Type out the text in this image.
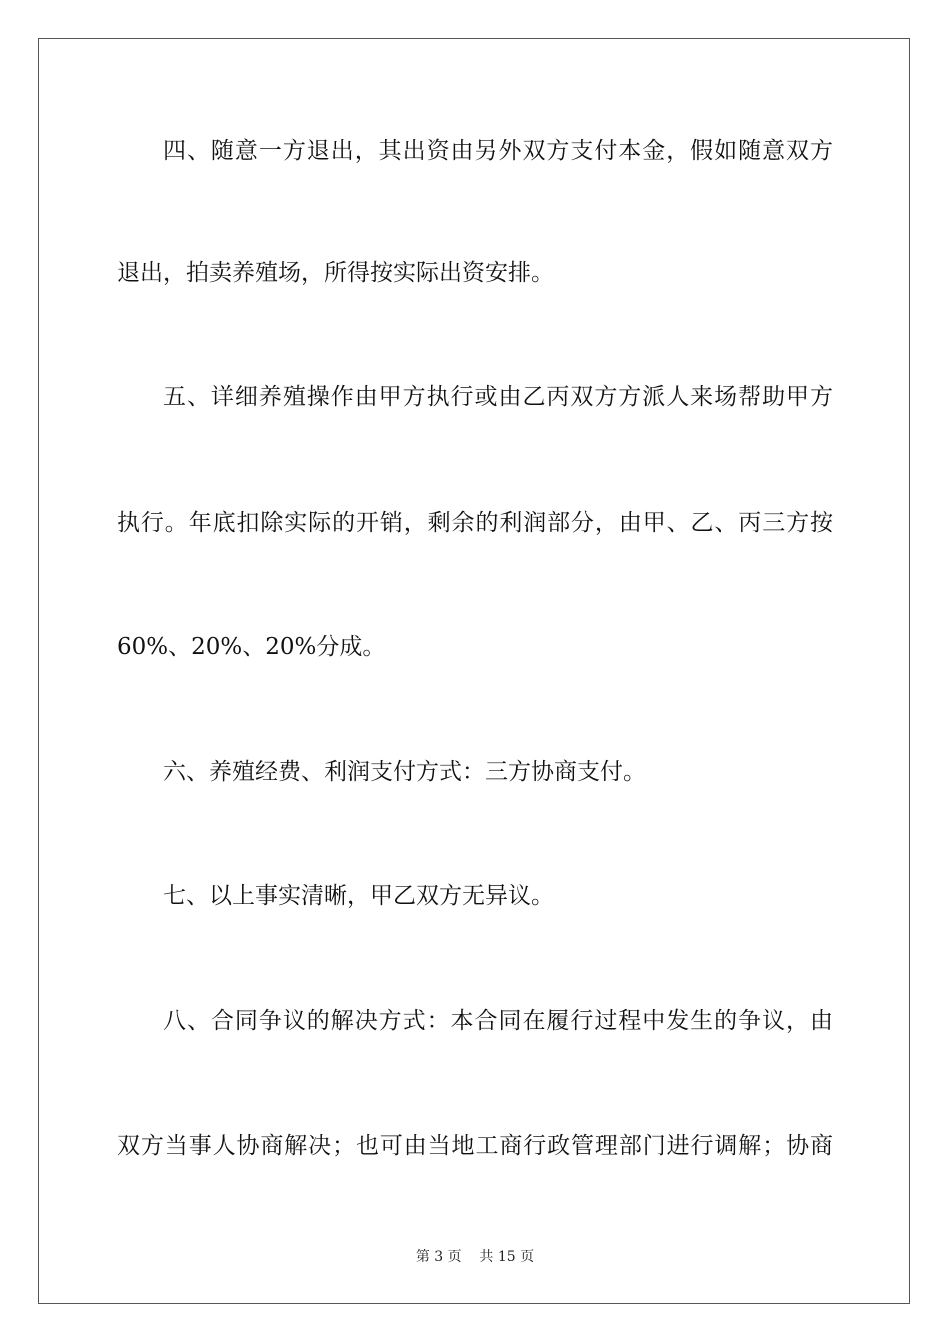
四、随意一方退出，其出资由另外双方支付本金，假如随意双方
退出，拍卖养殖场，所得按实际出资安排。
五、详细养殖操作由甲方执行或由乙丙双方方派人来场帮助甲方
执行。年底扣除实际的开销，剩余的利润部分，由甲、乙、丙三方按
60%、20%、20%分成。
六、养殖经费、利润支付方式：三方协商支付。
七、以上事实清晰，甲乙双方无异议。
八、合同争议的解决方式：本合同在履行过程中发生的争议，由
双方当事人协商解决；也可由当地工商行政管理部门进行调解；协商
第 3 页    共 15 页
